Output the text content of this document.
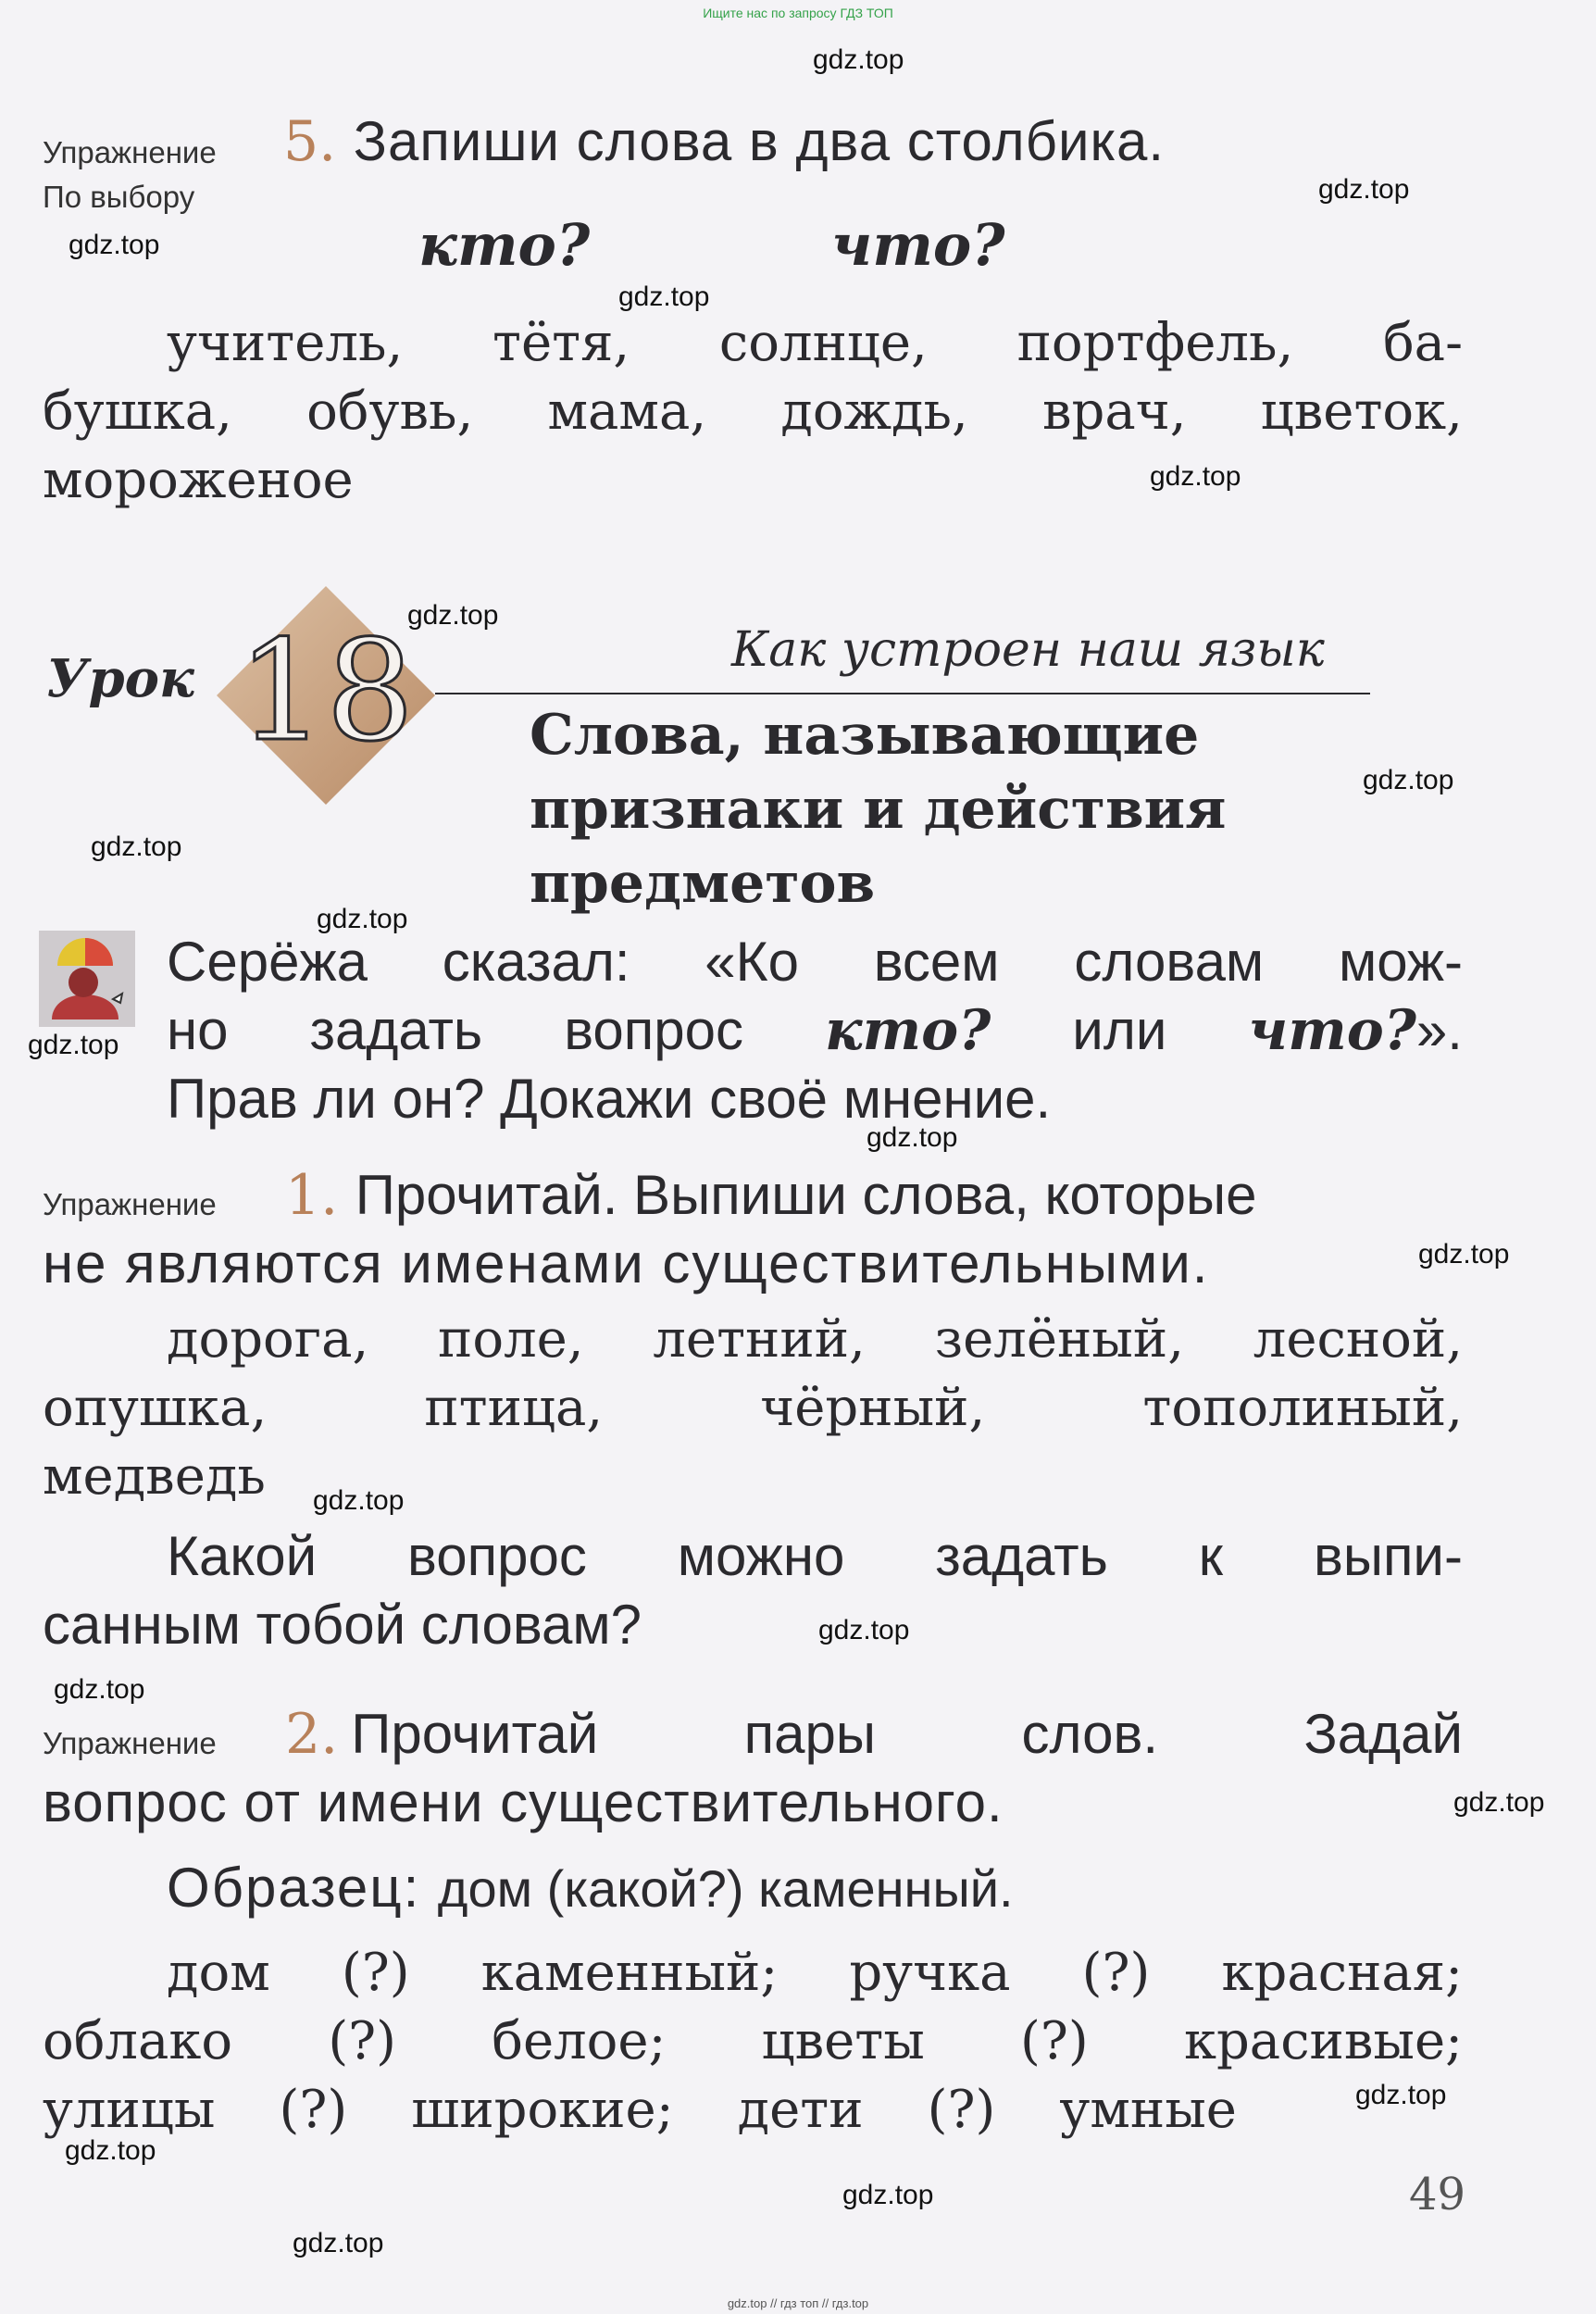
Ищите нас по запросу ГДЗ ТОП
Упражнение
По выбору
5. Запиши слова в два столбика.
кто?	что?
учитель, тётя, солнце, портфель, ба-
бушка, обувь, мама, дождь, врач, цветок,
мороженое
Урок 18	Как устроен наш язык
Слова, называющие
признаки и действия
предметов
Серёжа сказал: «Ко всем словам мож-
но задать вопрос кто? или что?».
Прав ли он? Докажи своё мнение.
Упражнение 1. Прочитай. Выпиши слова, которые
не являются именами существительными.
дорога, поле, летний, зелёный, лесной,
опушка,	птица,	чёрный,	тополиный,
медведь
Какой вопрос можно задать к выпи-
санным тобой словам?
Упражнение 2. Прочитай	пары	слов.	Задай
вопрос от имени существительного.
Образец: дом (какой?) каменный.
дом (?) каменный; ручка (?) красная;
облако (?) белое; цветы (?) красивые;
улицы (?) широкие; дети (?) умные
49
gdz.top
gdz.top
gdz.top
gdz.top
gdz.top
gdz.top
gdz.top
gdz.top
gdz.top
gdz.top
gdz.top
gdz.top
gdz.top
gdz.top
gdz.top
gdz.top
gdz.top
gdz.top
gdz.top
gdz.top
gdz.top // гдз топ // гдз.top
